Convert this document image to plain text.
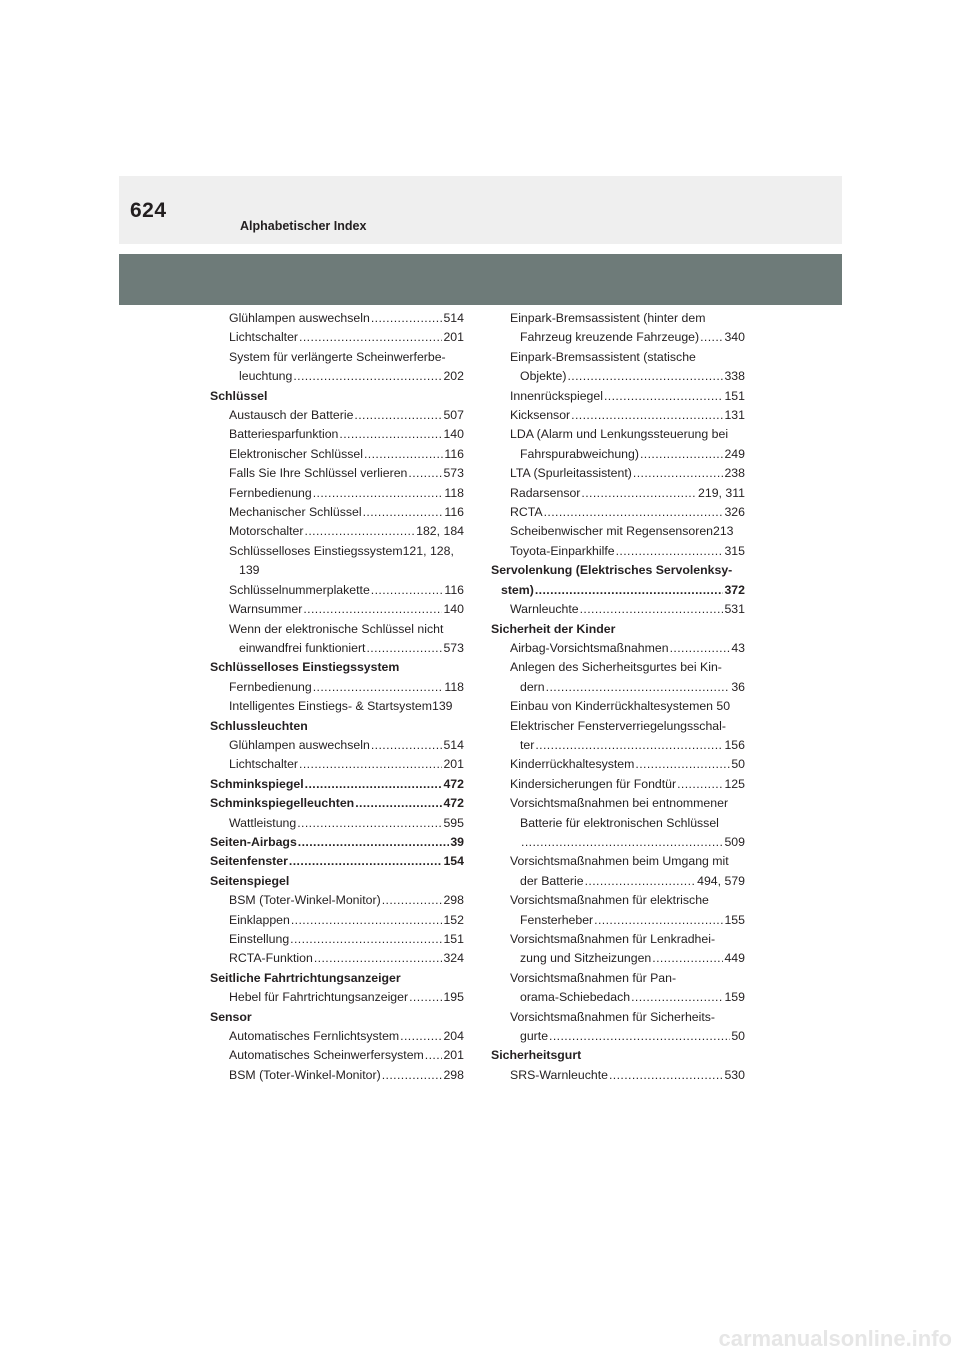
624
Alphabetischer Index
Glühlampen auswechseln .....	514
Lichtschalter .....	201
System für verlängerte Scheinwerferbe-
leuchtung .....	202
Schlüssel
Austausch der Batterie .....	507
Batteriesparfunktion .....	140
Elektronischer Schlüssel .....	116
Falls Sie Ihre Schlüssel verlieren .....	573
Fernbedienung .....	118
Mechanischer Schlüssel .....	116
Motorschalter .....	182, 184
Schlüsselloses Einstiegssystem121, 128,
139
Schlüsselnummerplakette .....	116
Warnsummer .....	140
Wenn der elektronische Schlüssel nicht
einwandfrei funktioniert .....	573
Schlüsselloses Einstiegssystem
Fernbedienung .....	118
Intelligentes Einstiegs- & Startsystem139
Schlussleuchten
Glühlampen auswechseln .....	514
Lichtschalter .....	201
Schminkspiegel .....	472
Schminkspiegelleuchten .....	472
Wattleistung .....	595
Seiten-Airbags .....	39
Seitenfenster .....	154
Seitenspiegel
BSM (Toter-Winkel-Monitor) .....	298
Einklappen .....	152
Einstellung .....	151
RCTA-Funktion .....	324
Seitliche Fahrtrichtungsanzeiger
Hebel für Fahrtrichtungsanzeiger .....	195
Sensor
Automatisches Fernlichtsystem .....	204
Automatisches Scheinwerfersystem ..... 201
BSM (Toter-Winkel-Monitor) .....	298
Einpark-Bremsassistent (hinter dem
Fahrzeug kreuzende Fahrzeuge) ..... 340
Einpark-Bremsassistent (statische
Objekte) .....	338
Innenrückspiegel .....	151
Kicksensor .....	131
LDA (Alarm und Lenkungssteuerung bei
Fahrspurabweichung) .....	249
LTA (Spurleitassistent) .....	238
Radarsensor .....	219, 311
RCTA .....	326
Scheibenwischer mit Regensensoren213
Toyota-Einparkhilfe .....	315
Servolenkung (Elektrisches Servolenksy-
stem) .....	372
Warnleuchte .....	531
Sicherheit der Kinder
Airbag-Vorsichtsmaßnahmen .....	43
Anlegen des Sicherheitsgurtes bei Kin-
dern .....	36
Einbau von Kinderrückhaltesystemen 50
Elektrischer Fensterverriegelungsschal-
ter .....	156
Kinderrückhaltesystem .....	50
Kindersicherungen für Fondtür .....	125
Vorsichtsmaßnahmen bei entnommener
Batterie für elektronischen Schlüssel
.....
509
Vorsichtsmaßnahmen beim Umgang mit
der Batterie .....	494, 579
Vorsichtsmaßnahmen für elektrische
Fensterheber .....	155
Vorsichtsmaßnahmen für Lenkradhei-
zung und Sitzheizungen .....	449
Vorsichtsmaßnahmen für Pan-
orama-Schiebedach .....	159
Vorsichtsmaßnahmen für Sicherheits-
gurte .....	50
Sicherheitsgurt
SRS-Warnleuchte .....	530
carmanualsonline.info
